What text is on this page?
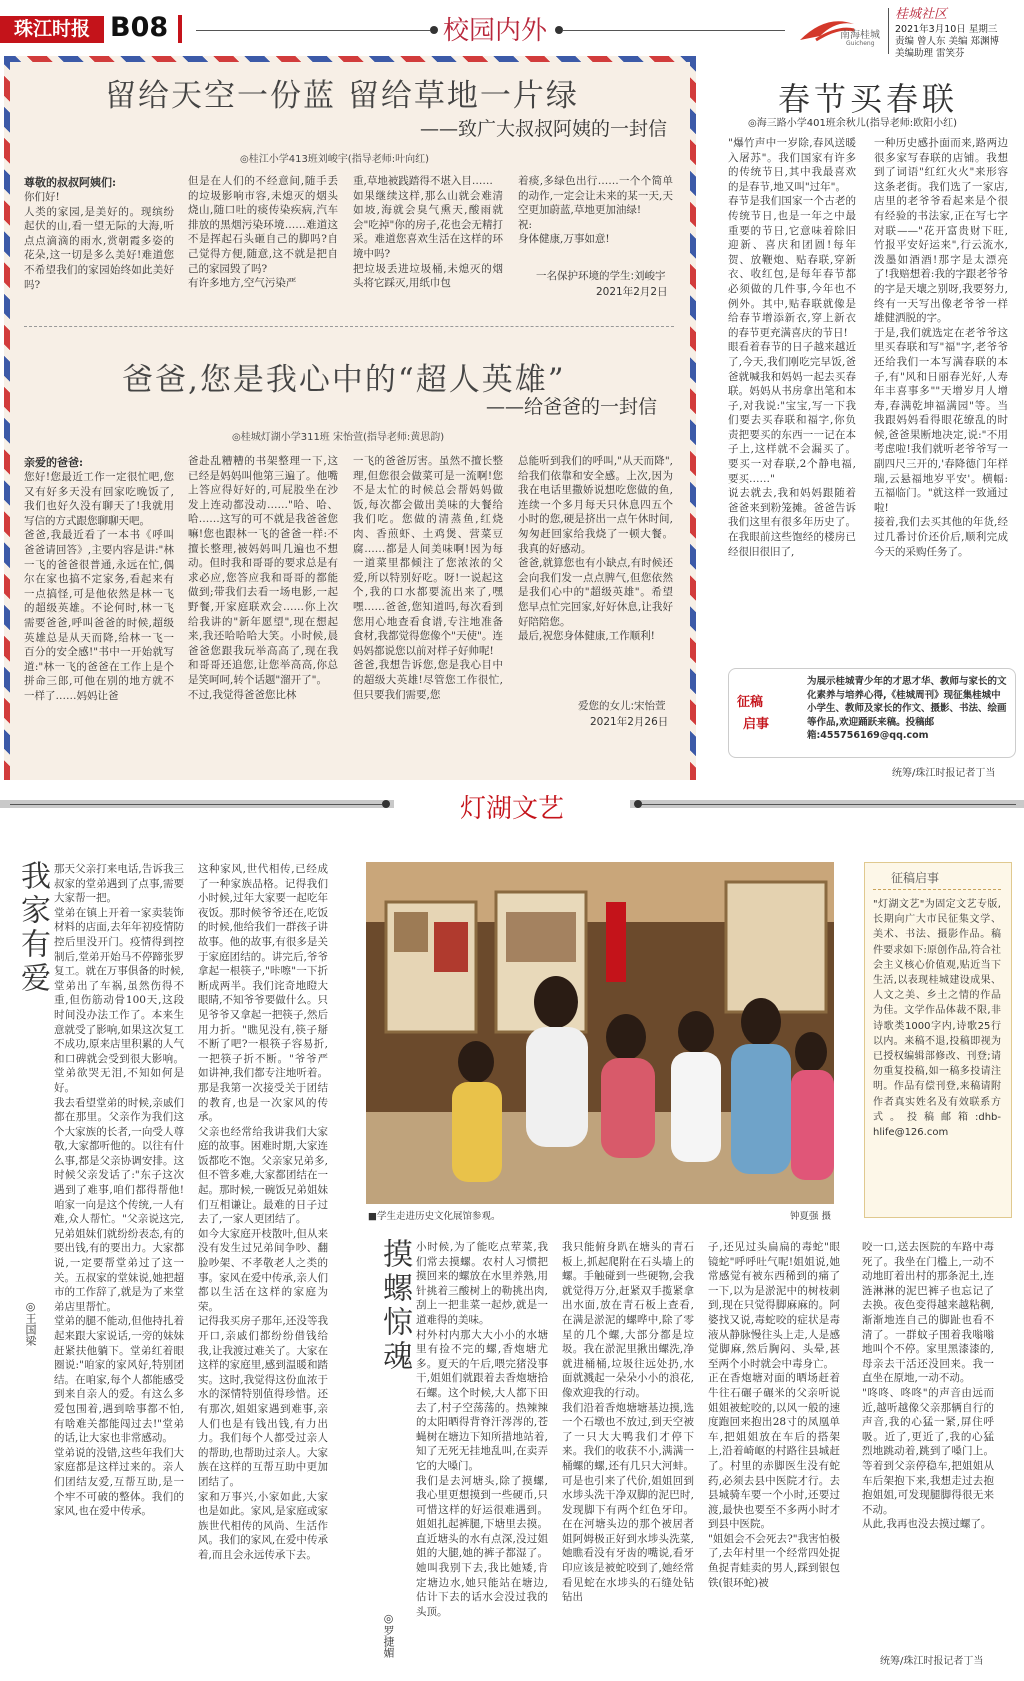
珠江时报 B08	校园内外	南海桂城
Guicheng
桂城社区
2021年3月10日 星期三
责编 曾人东 美编 郑渊博
美编助理 雷笑芬
留给天空一份蓝 留给草地一片绿
——致广大叔叔阿姨的一封信
◎桂江小学413班刘峻宇(指导老师:叶向红)
尊敬的叔叔阿姨们:
你们好!
人类的家园,是美好的。现缤纷起伏的山,看一望无际的大海,听点点滴滴的雨水,赏朝霞多姿的花朵,这一切是多么美好!难道您不希望我们的家园始终如此美好吗?
但是在人们的不经意间,随手丢的垃圾影响市容,未熄灭的烟头烧山,随口吐的痰传染疾病,汽车排放的黑烟污染环境……难道这不是挥起石头砸自己的脚吗?自己觉得方便,随意,这不就是把自己的家园毁了吗?
有许多地方,空气污染严
重,草地被践踏得不堪入目……
如果继续这样,那么山就会难清如坡,海就会臭气熏天,酸雨就会"吃掉"你的房子,花也会无精打采。难道您喜欢生活在这样的环境中吗?
把垃圾丢进垃圾桶,未熄灭的烟头将它踩灭,用纸巾包
着痰,多绿色出行……一个个简单的动作,一定会让未来的某一天,天空更加蔚蓝,草地更加油绿!
祝:
身体健康,万事如意!
一名保护环境的学生:刘峻宇
2021年2月2日
爸爸,您是我心中的“超人英雄”
——给爸爸的一封信
◎桂城灯湖小学311班 宋怡萱(指导老师:黄思韵)
亲爱的爸爸:
您好!您最近工作一定很忙吧,您又有好多天没有回家吃晚饭了,我们也好久没有聊天了!我就用写信的方式跟您聊聊天吧。
爸爸,我最近看了一本书《呼叫爸爸请回答》,主要内容是讲:"林一飞的爸爸很普通,永远在忙,偶尔在家也搞不定家务,看起来有一点搞怪,可是他依然是林一飞的超级英雄。不论何时,林一飞需要爸爸,呼叫爸爸的时候,超级英雄总是从天而降,给林一飞一百分的安全感!"书中一开始就写道:"林一飞的爸爸在工作上是个拼命三郎,可他在别的地方就不一样了……妈妈让爸
爸赴乱糟糟的书架整理一下,这已经是妈妈叫他第三遍了。他嘴上答应得好好的,可屁股坐在沙发上连动都没动……"哈、哈、哈……这写的可不就是我爸爸您嘛!您也跟林一飞的爸爸一样:不擅长整理,被妈妈叫几遍也不想动。但时我和哥哥的要求总是有求必应,您答应我和哥哥的都能做到;带我们去看一场电影,一起野餐,开家庭联欢会……你上次给我讲的"新年愿望",现在想起来,我还哈哈哈大笑。小时候,晨爸爸您跟我玩举高高了,现在我和哥哥还追您,让您举高高,你总是笑呵呵,转个话题"溜开了"。
不过,我觉得爸爸您比林
一飞的爸爸厉害。虽然不擅长整理,但您很会做菜可是一流啊!您不是太忙的时候总会帮妈妈做饭,每次都会做出美味的大餐给我们吃。您做的清蒸鱼,红烧肉、香煎虾、土鸡煲、营菜豆腐……都是人间美味啊!因为每一道菜里都倾注了您浓浓的父爱,所以特别好吃。呀!一说起这个,我的口水都要流出来了,嘿嘿……爸爸,您知道吗,每次看到您用心地查看食谱,专注地准备食材,我都觉得您像个"天使"。连妈妈都说您以前对样子好帅呢!
爸爸,我想告诉您,您是我心目中的超级大英雄!尽管您工作很忙,但只要我们需要,您
总能听到我们的呼叫,"从天而降",给我们依靠和安全感。上次,因为我在电话里撒娇说想吃您做的鱼,连续一个多月每天只休息四五个小时的您,硬是挤出一点午休时间,匆匆赶回家给我烧了一顿大餐。我真的好感动。
爸爸,就算您也有小缺点,有时候还会向我们发一点点脾气,但您依然是我们心中的"超级英雄"。希望您早点忙完回家,好好休息,让我好好陪陪您。
最后,祝您身体健康,工作顺利!
爱您的女儿:宋怡萱
2021年2月26日
春节买春联
◎海三路小学401班余秋儿(指导老师:欧阳小红)
"爆竹声中一岁除,春风送暖入屠苏"。我们国家有许多的传统节日,其中我最喜欢的是春节,地又叫"过年"。
春节是我们国家一个古老的传统节日,也是一年之中最重要的节日,它意味着除旧迎新、喜庆和团圆!每年贺、放鞭炮、贴春联,穿新衣、收红包,是每年春节都必须做的几件事,今年也不例外。其中,贴春联就像是给春节增添新衣,穿上新衣的春节更充满喜庆的节日!
眼看着春节的日子越来越近了,今天,我们刚吃完早饭,爸爸就喊我和妈妈一起去买春联。妈妈从书房拿出笔和本子,对我说:"宝宝,写一下我们要去买春联和福字,你负责把要买的东西一一记在本子上,这样就不会漏买了。要买一对春联,2个静电福,要买……"
说去就去,我和妈妈跟随着爸爸来到粉笼摊。爸爸告诉我们这里有很多年历史了。在我眼前这些饱经的楼房已经很旧很旧了,
一种历史感扑面而来,路两边很多家写春联的店铺。我想到了词语"红红火火"来形容这条老街。我们选了一家店,店里的老爷爷看起来是个很有经验的书法家,正在写七字对联——"花开富贵财下旺,竹报平安好运来",行云流水,泼墨如酒酒!那字是太漂亮了!我赔想着:我的字跟老爷爷的字是天壤之别呀,我要努力,终有一天写出像老爷爷一样雄健洒脱的字。
于是,我们就选定在老爷爷这里买春联和写"福"字,老爷爷还给我们一本写满春联的本子,有"风和日丽春光好,人寿年丰喜事多""天增岁月人增寿,春满乾坤福满园"等。当我跟妈妈看得眼花缭乱的时候,爸爸果断地决定,说:"不用考虑啦!我们就听老爷爷写一副四尺三开的,'春降德门年样瑞,云悬福地岁平安'。横幅:五福临门。"就这样一致通过啦!
接着,我们去买其他的年货,经过几番讨价还价后,顺利完成今天的采购任务了。
征稿
启事
为展示桂城青少年的才思才华、教师与家长的文化素养与培养心得,《桂城周刊》现征集桂城中小学生、教师及家长的作文、摄影、书法、绘画等作品,欢迎踊跃来稿。投稿邮箱:455756169@qq.com
统筹/珠江时报记者丁当
灯湖文艺
我家有爱
◎王国梁
那天父亲打来电话,告诉我三叔家的堂弟遇到了点事,需要大家帮一把。
堂弟在镇上开着一家卖装饰材料的店面,去年年初疫情防控后里没开门。疫情得到控制后,堂弟开始马不停蹄张罗复工。就在万事俱备的时候,堂弟出了车祸,虽然伤得不重,但伤筋动骨100天,这段时间没办法工作了。本来生意就受了影响,如果这次复工不成功,原来店里积累的人气和口碑就会受到很大影响。堂弟欲哭无泪,不知如何是好。
我去看望堂弟的时候,亲戚们都在那里。父亲作为我们这个大家族的长者,一向受人尊敬,大家都听他的。以往有什么事,都是父亲协调安排。这时候父亲发话了:"东子这次遇到了难事,咱们都得帮他!咱家一向是这个传统,一人有难,众人帮忙。"父亲说这完,兄弟姐妹们就纷纷表态,有的要出钱,有的要出力。大家都说,一定要帮堂弟过了这一关。五叔家的堂妹说,她把超市的工作辞了,就是为了来堂弟店里帮忙。
堂弟的腿不能动,但他持扎着起来跟大家说话,一旁的妹妹赶紧扶他躺下。堂弟红着眼圈说:"咱家的家风好,特别团结。在咱家,每个人都能感受到来自亲人的爱。有这么多爱包围着,遇到啥事都不怕,有啥难关都能闯过去!"堂弟的话,让大家也非常感动。
堂弟说的没错,这些年我们大家庭都是这样过来的。亲人们团结友爱,互帮互助,是一个牢不可破的整体。我们的家风,也在爱中传承。
这种家风,世代相传,已经成了一种家族品格。记得我们小时候,过年大家要一起吃年夜饭。那时候爷爷还在,吃饭的时候,他给我们一群孩子讲故事。他的故事,有很多是关于家庭团结的。讲完后,爷爷拿起一根筷子,"咔嚓"一下折断成两半。我们诧奇地瞪大眼睛,不知爷爷要做什么。只见爷爷又拿起一把筷子,然后用力折。"瞧见没有,筷子掰不断了吧?一根筷子容易折,一把筷子折不断。"爷爷严如讲神,我们都专注地听着。那是我第一次接受关于团结的教育,也是一次家风的传承。
父亲也经常给我讲我们大家庭的故事。困难时期,大家连饭都吃不饱。父亲家兄弟多,但不管多难,大家都团结在一起。那时候,一碗饭兄弟姐妹们互相谦让。最难的日子过去了,一家人更团结了。
如今大家庭开枝散叶,但从来没有发生过兄弟间争吵、翻脸吵架、不孝敬老人之类的事。家风在爱中传承,亲人们都以生活在这样的家庭为荣。
记得我买房子那年,还没等我开口,亲戚们都纷纷借钱给我,让我渡过难关了。大家在这样的家庭里,感到温暖和踏实。这时,我觉得这份血浓于水的深情特别值得珍惜。还有那次,姐姐家遇到难事,亲人们也是有钱出钱,有力出力。我们每个人都受过亲人的帮助,也帮助过亲人。大家族在这样的互帮互助中更加团结了。
家和万事兴,小家如此,大家也是如此。家风,是家庭或家族世代相传的风尚、生活作风。我们的家风,在爱中传承着,而且会永远传承下去。
■学生走进历史文化展馆参观。	钟夏强 摄
征稿启事
"灯湖文艺"为固定文艺专版,长期向广大市民征集文学、美术、书法、摄影作品。稿件要求如下:原创作品,符合社会主义核心价值观,贴近当下生活,以表现桂城建设成果、人文之美、乡土之情的作品为佳。文学作品体裁不限,非诗歌类1000字内,诗歌25行以内。来稿不退,投稿即视为已授权编辑部修改、刊登;请勿重复投稿,如一稿多投请注明。作品有偿刊登,来稿请附作者真实姓名及有效联系方式。投稿邮箱:dhb-hlife@126.com
摸螺惊魂
◎罗捷媚
小时候,为了能吃点荤菜,我们常去摸螺。农村人习惯把摸回来的螺放在水里养熟,用针挑着三酸树上的勒挑出肉,刮上一把韭菜一起炒,就是一道难得的美味。
村外村内那大大小小的水塘里有捡不完的螺,香炮塘尤多。夏天的午后,喂完猪没事干,姐姐们就跟着去香炮塘拾石螺。这个时候,大人都下田去了,村子空荡荡的。热辣辣的太阳晒得背脊汗涔涔的,苍蝇树在塘边下知所措地站着,知了无死无挂地乱叫,在卖弄它的大嗓门。
我们是去河塘头,除了摸螺,我心里更想摸到一些硬币,只可惜这样的好运很难遇到。姐姐扎起裤腿,下塘里去摸。直近塘头的水有点深,没过姐姐的大腿,她的裤子都湿了。她叫我别下去,我比她矮,肯定塘边水,她只能站在塘边,估计下去的话水会没过我的头顶。
我只能俯身趴在塘头的青石板上,抓起爬附在石头墙上的螺。手触碰到一些硬物,会我就觉得万分,赶紧双手揽紧拿出水面,放在青石板上查看,在满是淤泥的螺哗中,除了零星的几个螺,大部分都是垃圾。我在淤泥里揪出螺洗,净就进桶桶,垃圾往远处扔,水面就溅起一朵朵小小的浪花,像欢迎我的行动。
我们沿着香炮塘塘基边摸,选一个石墩也不放过,到天空被了一只大大鸭我们才停下来。我们的收获不小,满满一桶螺的螺,还有几只大河蚌。可是也引来了代价,姐姐回到水埗头洗干净双脚的泥巴时,发现脚下有两个红色牙印。在在河塘头边的那个被居者姐阿姆极正好到水埗头洗菜,她瞧看没有牙齿的嘴说,看牙印应该是被蛇咬到了,她经常看见蛇在水埗头的石缝处钻钻出
子,还见过头扁扁的毒蛇"眼镜蛇"呼呼吐气呢!姐姐说,她常感觉有被东西稀到的痛了一下,以为是淤泥中的树枝刺到,现在只觉得脚麻麻的。阿婆找又说,毒蛇咬的症状是毒液从静脉慢往头上走,人是感觉脚麻,然后胸闷、头晕,甚至两个小时就会中毒身亡。
正在香炮塘对面的晒场赶着牛往石碾子碾米的父亲听说姐姐被蛇咬的,以风一般的速度跑回来抱出28寸的凤凰单车,把姐姐放在车后的搭架上,沿着崎岖的村路往县城赶了。村里的赤脚医生没有蛇药,必须去县中医院才行。去县城骑车要一个小时,还要过渡,最快也要至不多两小时才到县中医院。
"姐姐会不会死去?"我害怕极了,去年村里一个经常四处捉鱼捉青蛙卖的男人,踩到银包铁(银环蛇)被
咬一口,送去医院的车路中毒死了。我坐在门槛上,一动不动地盯着出村的那条泥土,连涟淋淋的泥巴裤子也忘记了去换。夜色变得越来越粘稠,渐渐地连自己的脚趾也看不清了。一群蚊子围着我嗡嗡地叫个不停。家里黑漆漆的,母亲去干活还没回来。我一直坐在原地,一动不动。
"咚咚、咚咚"的声音由远而近,越听越像父亲那辆自行的声音,我的心猛一紧,屏住呼吸。近了,更近了,我的心猛烈地跳动着,跳到了嗓门上。等着到父亲停稳车,把姐姐从车后架抱下来,我想走过去抱抱姐姐,可发现腿脚得很无来不动。
从此,我再也没去摸过螺了。
统筹/珠江时报记者丁当
